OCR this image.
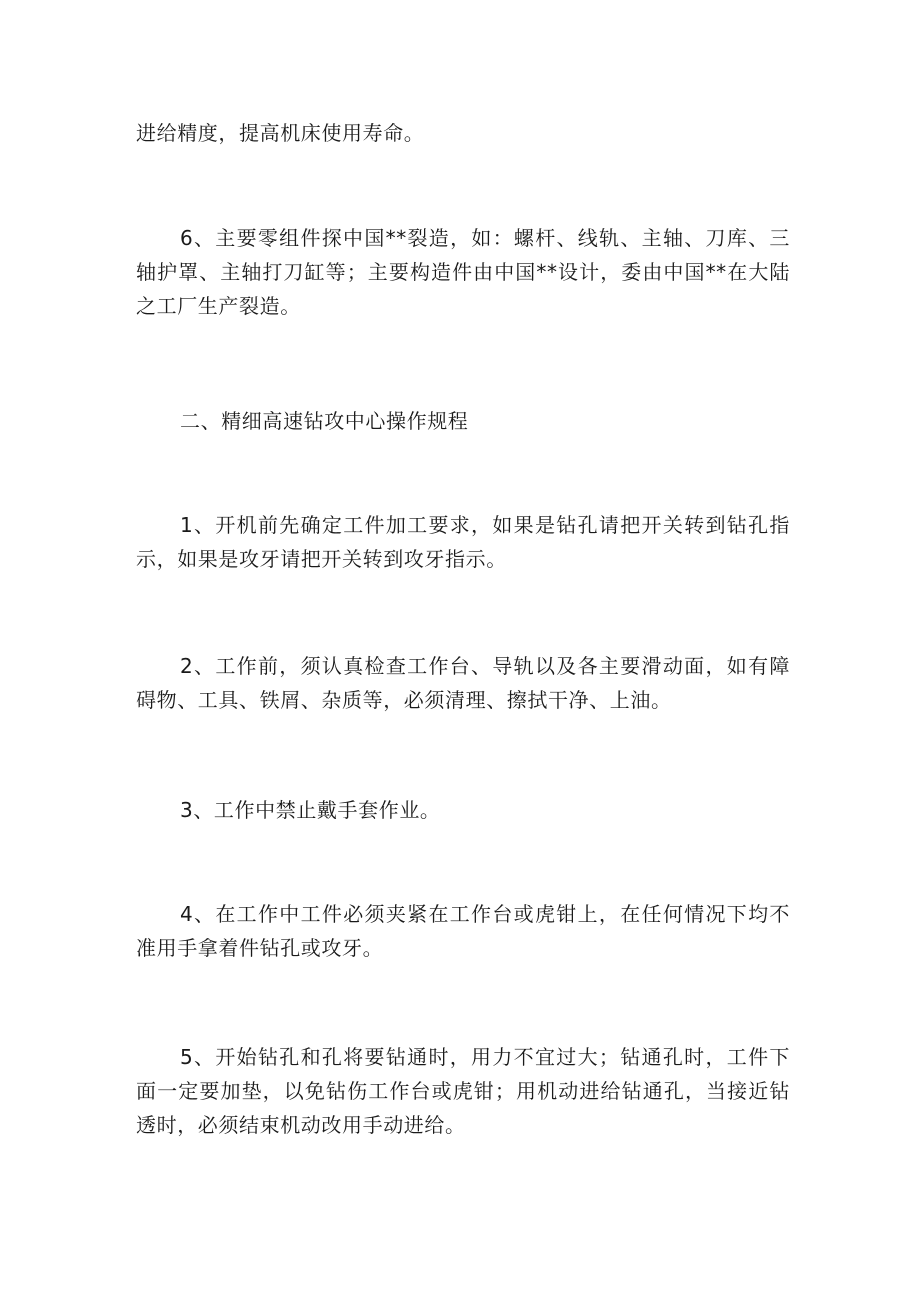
进给精度，提高机床使用寿命。

6、主要零组件探中国**裂造，如：螺杆、线轨、主轴、刀库、三轴护罩、主轴打刀缸等；主要构造件由中国**设计，委由中国**在大陆之工厂生产裂造。

二、精细高速钻攻中心操作规程

1、开机前先确定工件加工要求，如果是钻孔请把开关转到钻孔指示，如果是攻牙请把开关转到攻牙指示。

2、工作前，须认真检查工作台、导轨以及各主要滑动面，如有障碍物、工具、铁屑、杂质等，必须清理、擦拭干净、上油。

3、工作中禁止戴手套作业。

4、在工作中工件必须夹紧在工作台或虎钳上，在任何情况下均不准用手拿着件钻孔或攻牙。

5、开始钻孔和孔将要钻通时，用力不宜过大；钻通孔时，工件下面一定要加垫，以免钻伤工作台或虎钳；用机动进给钻通孔，当接近钻透时，必须结束机动改用手动进给。
